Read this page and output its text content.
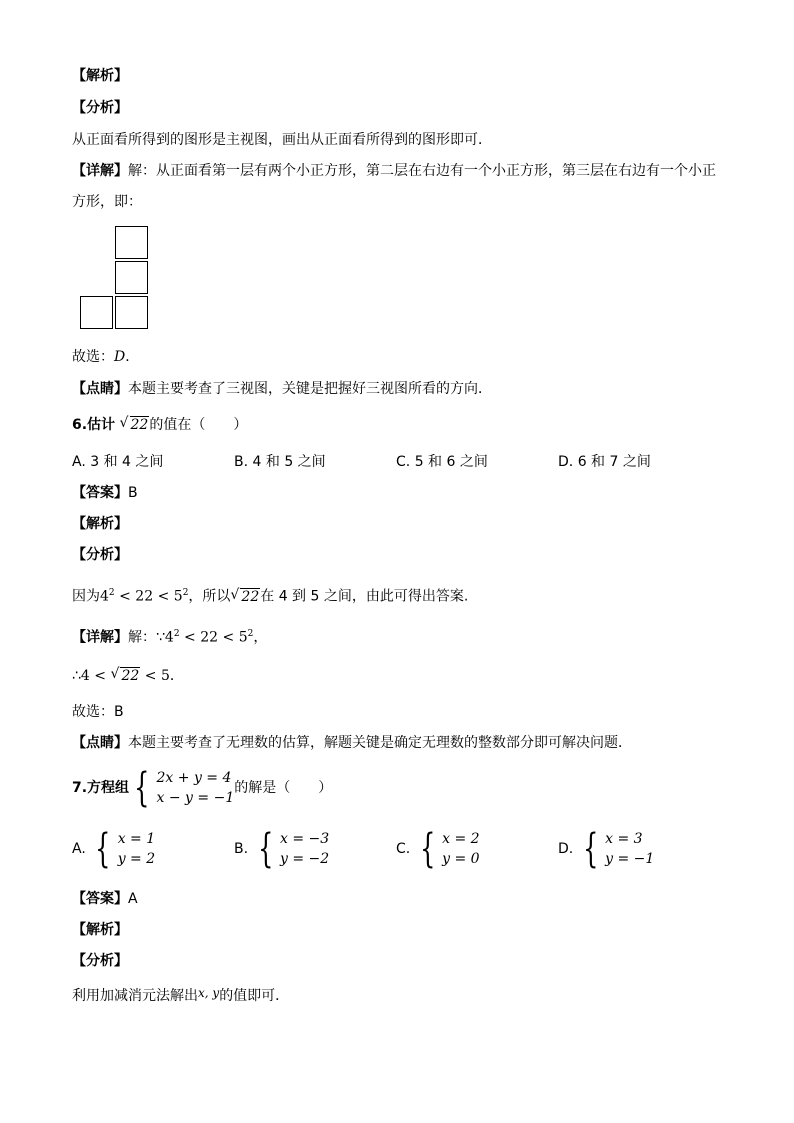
【解析】
【分析】
从正面看所得到的图形是主视图，画出从正面看所得到的图形即可．
【详解】解：从正面看第一层有两个小正方形，第二层在右边有一个小正方形，第三层在右边有一个小正
方形，即：
故选：D．
【点睛】本题主要考查了三视图，关键是把握好三视图所看的方向．
6.估计 √ 22的值在（　　）
A. 3 和 4 之间	B. 4 和 5 之间	C. 5 和 6 之间	D. 6 和 7 之间
【答案】B
【解析】
【分析】
因为$4^2 < 22 < 5^2$，所以 √ 22在 4 到 5 之间，由此可得出答案.
【详解】解：$\because 4^2 < 22 < 5^2$，
∴4 < √ 22 < 5．
故选：B
【点睛】本题主要考查了无理数的估算，解题关键是确定无理数的整数部分即可解决问题．
7.方程组 { 2x + y = 4
x − y = −1
的解是（　　）
A. { x = 1
y = 2
B. { x = −3
y = −2
C. { x = 2
y = 0
D. { x = 3
y = −1
【答案】A
【解析】
【分析】
利用加减消元法解出x, y的值即可．
